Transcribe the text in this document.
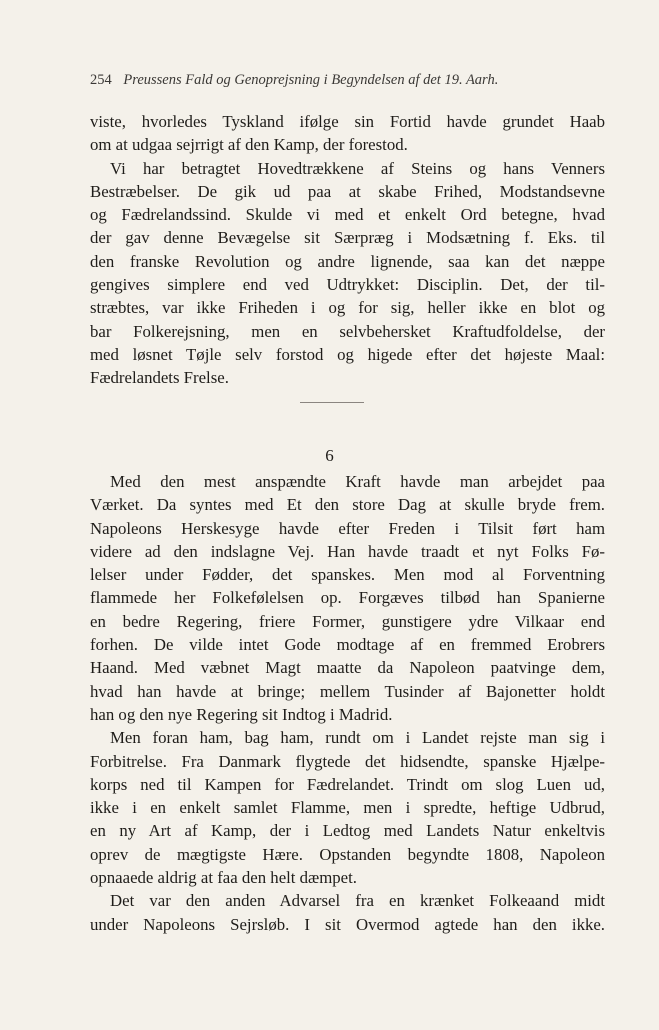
254 Preussens Fald og Genoprejsning i Begyndelsen af det 19. Aarh.
viste, hvorledes Tyskland ifølge sin Fortid havde grundet Haab
om at udgaa sejrrigt af den Kamp, der forestod.
Vi har betragtet Hovedtrækkene af Steins og hans Venners
Bestræbelser. De gik ud paa at skabe Frihed, Modstandsevne
og Fædrelandssind. Skulde vi med et enkelt Ord betegne, hvad
der gav denne Bevægelse sit Særpræg i Modsætning f. Eks. til
den franske Revolution og andre lignende, saa kan det næppe
gengives simplere end ved Udtrykket: Disciplin. Det, der til-
stræbtes, var ikke Friheden i og for sig, heller ikke en blot og
bar Folkerejsning, men en selvbehersket Kraftudfoldelse, der
med løsnet Tøjle selv forstod og higede efter det højeste Maal:
Fædrelandets Frelse.
6
Med den mest anspændte Kraft havde man arbejdet paa
Værket. Da syntes med Et den store Dag at skulle bryde frem.
Napoleons Herskesyge havde efter Freden i Tilsit ført ham
videre ad den indslagne Vej. Han havde traadt et nyt Folks Fø-
lelser under Fødder, det spanskes. Men mod al Forventning
flammede her Folkefølelsen op. Forgæves tilbød han Spanierne
en bedre Regering, friere Former, gunstigere ydre Vilkaar end
forhen. De vilde intet Gode modtage af en fremmed Erobrers
Haand. Med væbnet Magt maatte da Napoleon paatvinge dem,
hvad han havde at bringe; mellem Tusinder af Bajonetter holdt
han og den nye Regering sit Indtog i Madrid.
Men foran ham, bag ham, rundt om i Landet rejste man sig i
Forbitrelse. Fra Danmark flygtede det hidsendte, spanske Hjælpe-
korps ned til Kampen for Fædrelandet. Trindt om slog Luen ud,
ikke i en enkelt samlet Flamme, men i spredte, heftige Udbrud,
en ny Art af Kamp, der i Ledtog med Landets Natur enkeltvis
oprev de mægtigste Hære. Opstanden begyndte 1808, Napoleon
opnaaede aldrig at faa den helt dæmpet.
Det var den anden Advarsel fra en krænket Folkeaand midt
under Napoleons Sejrsløb. I sit Overmod agtede han den ikke.
